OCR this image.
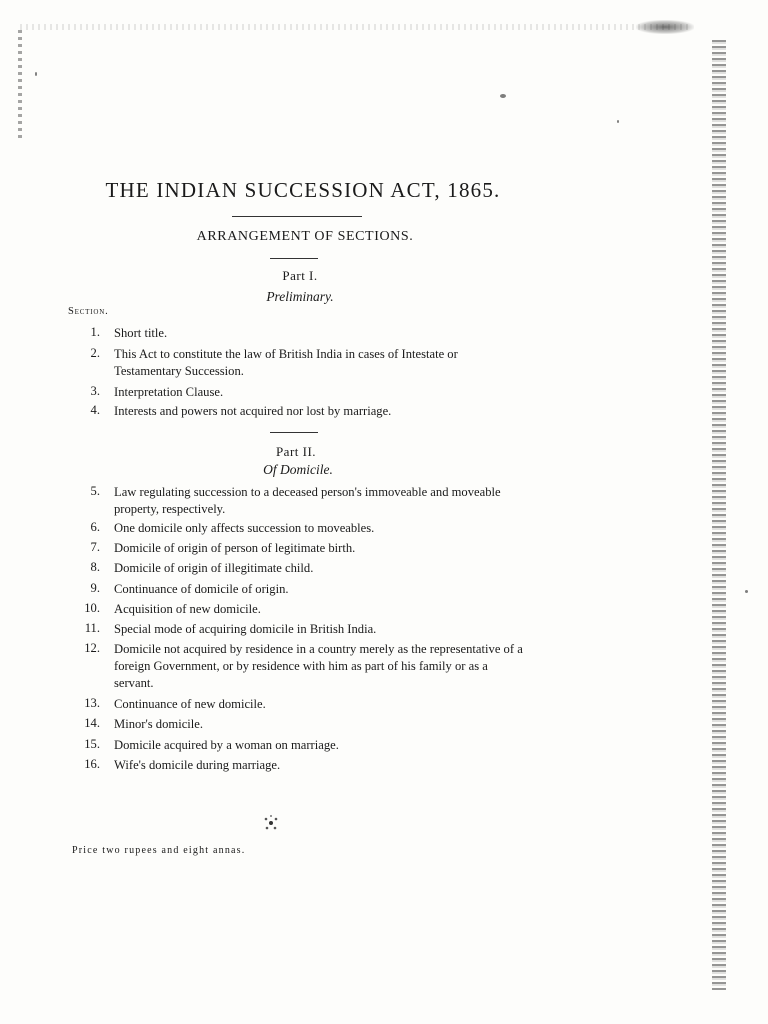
THE INDIAN SUCCESSION ACT, 1865.
ARRANGEMENT OF SECTIONS.
Part I.
Preliminary.
Section.
1. Short title.
2. This Act to constitute the law of British India in cases of Intestate or Testamentary Succession.
3. Interpretation Clause.
4. Interests and powers not acquired nor lost by marriage.
Part II.
Of Domicile.
5. Law regulating succession to a deceased person's immoveable and moveable property, respectively.
6. One domicile only affects succession to moveables.
7. Domicile of origin of person of legitimate birth.
8. Domicile of origin of illegitimate child.
9. Continuance of domicile of origin.
10. Acquisition of new domicile.
11. Special mode of acquiring domicile in British India.
12. Domicile not acquired by residence in a country merely as the representative of a foreign Government, or by residence with him as part of his family or as a servant.
13. Continuance of new domicile.
14. Minor's domicile.
15. Domicile acquired by a woman on marriage.
16. Wife's domicile during marriage.
Price two rupees and eight annas.
